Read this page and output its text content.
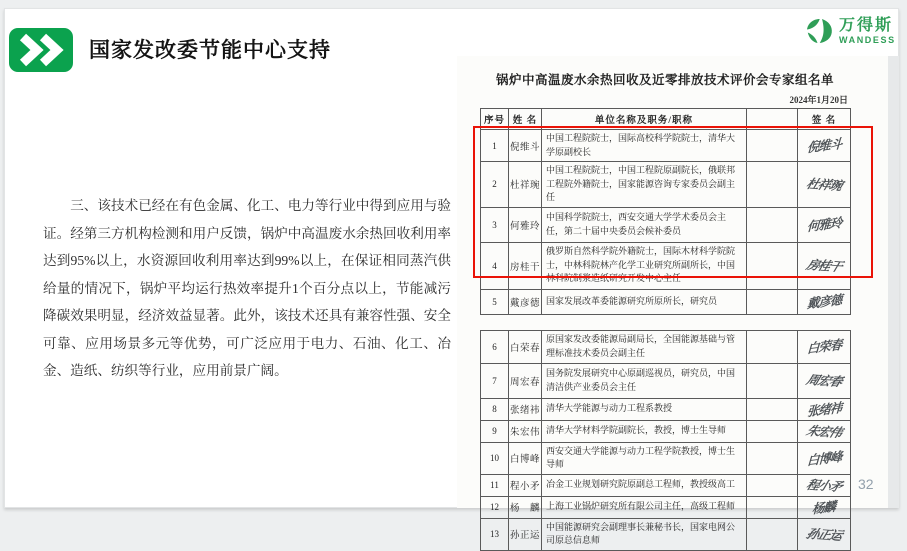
国家发改委节能中心支持
万得斯
WANDESS
三、该技术已经在有色金属、化工、电力等行业中得到应用与验证。经第三方机构检测和用户反馈，锅炉中高温废水余热回收利用率达到95%以上，水资源回收利用率达到99%以上，在保证相同蒸汽供给量的情况下，锅炉平均运行热效率提升1个百分点以上，节能减污降碳效果明显，经济效益显著。此外，该技术还具有兼容性强、安全可靠、应用场景多元等优势，可广泛应用于电力、石油、化工、冶金、造纸、纺织等行业，应用前景广阔。
锅炉中高温废水余热回收及近零排放技术评价会专家组名单
2024年1月20日
序号	姓 名	单位名称及职务/职称		签 名
1	倪维斗	中国工程院院士，国际高校科学院院士，清华大学原副校长		倪维斗
2	杜祥琬	中国工程院院士，中国工程院原副院长，俄联邦工程院外籍院士，国家能源咨询专家委员会副主任		杜祥琬
3	何雅玲	中国科学院院士，西安交通大学学术委员会主任，第二十届中央委员会候补委员		何雅玲
4	房桂干	俄罗斯自然科学院外籍院士，国际木材科学院院士，中林科院林产化学工业研究所副所长，中国林科院制浆造纸研究开发中心主任		房桂干
5	戴彦德	国家发展改革委能源研究所原所长，研究员		戴彦德
6	白荣春	原国家发改委能源局副局长，全国能源基础与管理标准技术委员会副主任		白荣春
7	周宏春	国务院发展研究中心原副巡视员，研究员，中国清洁供产业委员会主任		周宏春
8	张绪祎	清华大学能源与动力工程系教授		张绪祎
9	朱宏伟	清华大学材料学院副院长，教授，博士生导师		朱宏伟
10	白博峰	西安交通大学能源与动力工程学院教授，博士生导师		白博峰
11	程小矛	冶金工业规划研究院原副总工程师，教授级高工		程小矛
12	杨　麟	上海工业锅炉研究所有限公司主任，高级工程师		杨麟
13	孙正运	中国能源研究会副理事长兼秘书长，国家电网公司原总信息师		孙正运
32
